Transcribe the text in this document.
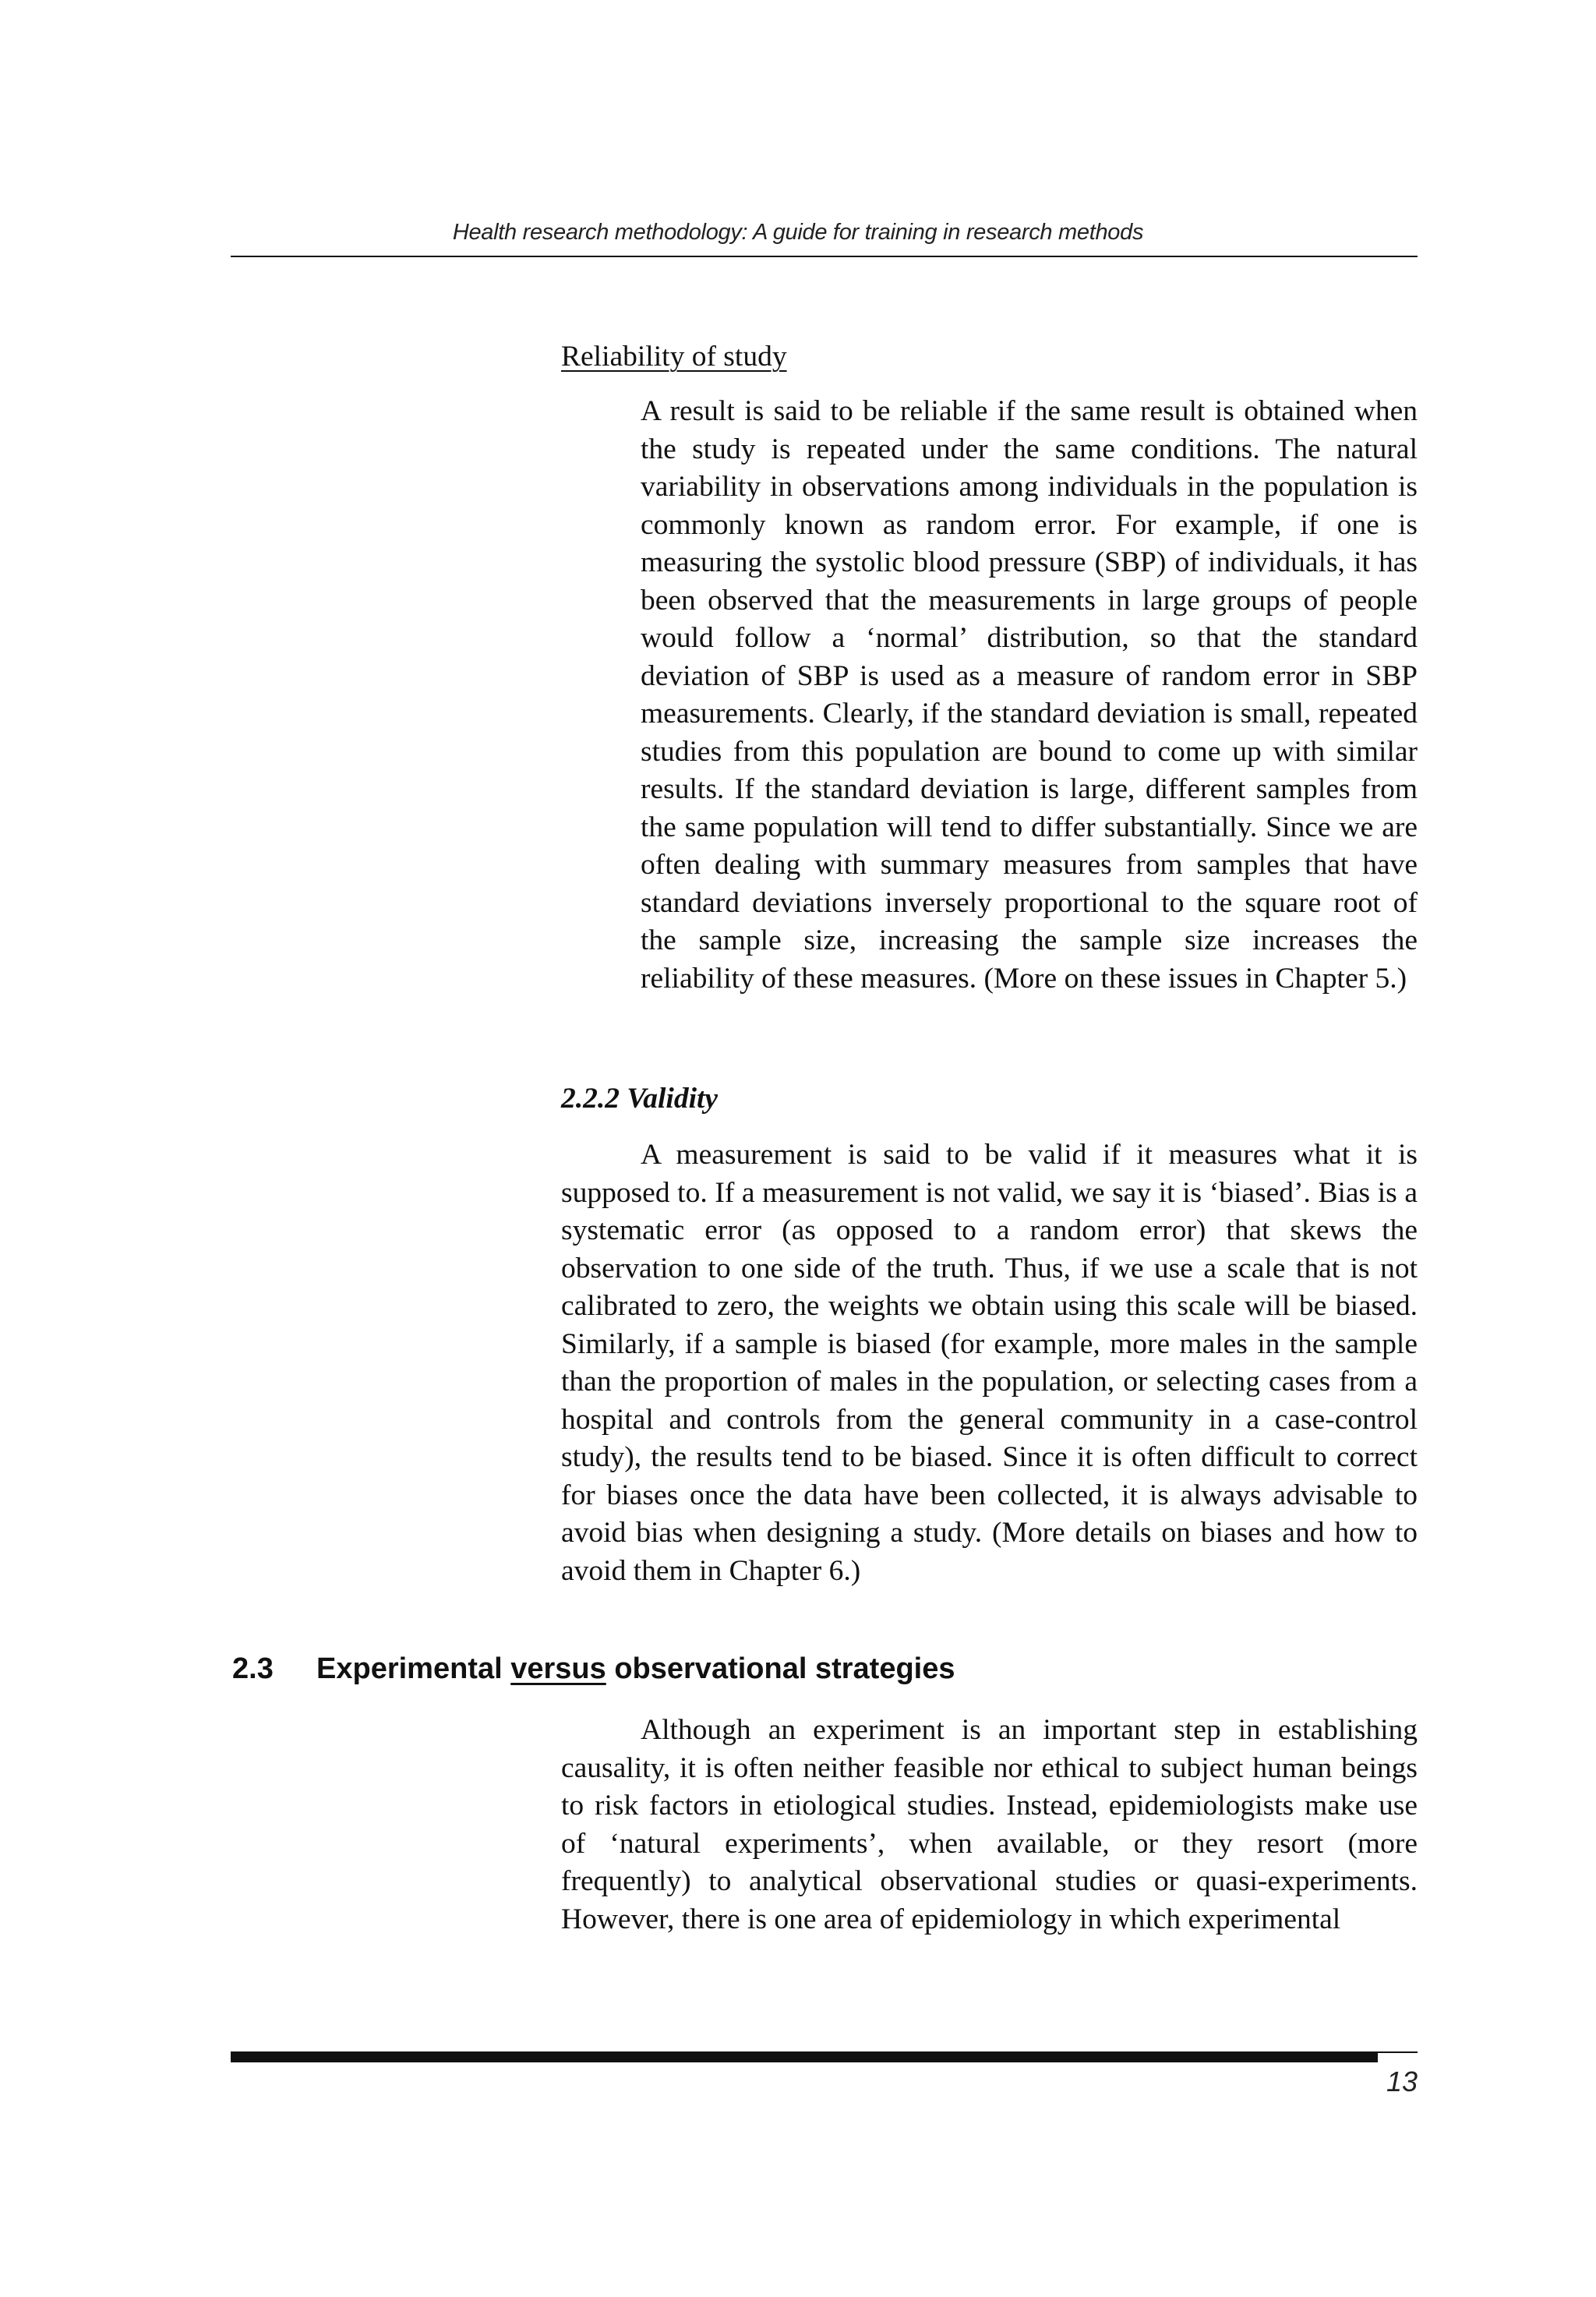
Health research methodology: A guide for training in research methods
Reliability of study

A result is said to be reliable if the same result is obtained when the study is repeated under the same conditions. The natural variability in observations among individuals in the population is commonly known as random error. For example, if one is measuring the systolic blood pressure (SBP) of individuals, it has been observed that the measurements in large groups of people would follow a ‘normal’ distribution, so that the standard deviation of SBP is used as a measure of random error in SBP measurements. Clearly, if the standard deviation is small, repeated studies from this population are bound to come up with similar results. If the standard deviation is large, different samples from the same population will tend to differ substantially. Since we are often dealing with summary measures from samples that have standard deviations inversely proportional to the square root of the sample size, increasing the sample size increases the reliability of these measures. (More on these issues in Chapter 5.)

2.2.2 Validity

A measurement is said to be valid if it measures what it is supposed to. If a measurement is not valid, we say it is ‘biased’. Bias is a systematic error (as opposed to a random error) that skews the observation to one side of the truth. Thus, if we use a scale that is not calibrated to zero, the weights we obtain using this scale will be biased. Similarly, if a sample is biased (for example, more males in the sample than the proportion of males in the population, or selecting cases from a hospital and controls from the general community in a case-control study), the results tend to be biased. Since it is often difficult to correct for biases once the data have been collected, it is always advisable to avoid bias when designing a study. (More details on biases and how to avoid them in Chapter 6.)

2.3 Experimental versus observational strategies

Although an experiment is an important step in establishing causality, it is often neither feasible nor ethical to subject human beings to risk factors in etiological studies. Instead, epidemiologists make use of ‘natural experiments’, when available, or they resort (more frequently) to analytical observational studies or quasi-experiments. However, there is one area of epidemiology in which experimental

13
